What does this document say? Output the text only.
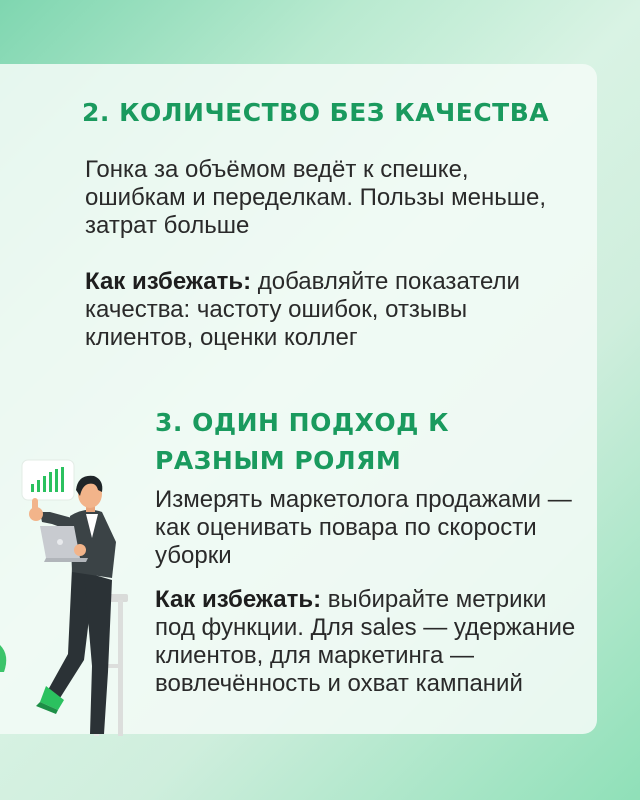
2. КОЛИЧЕСТВО БЕЗ КАЧЕСТВА

Гонка за объёмом ведёт к спешке, ошибкам и переделкам. Пользы меньше, затрат больше

Как избежать: добавляйте показатели качества: частоту ошибок, отзывы клиентов, оценки коллег

3. ОДИН ПОДХОД К РАЗНЫМ РОЛЯМ

Измерять маркетолога продажами — как оценивать повара по скорости уборки

Как избежать: выбирайте метрики под функции. Для sales — удержание клиентов, для маркетинга — вовлечённость и охват кампаний
